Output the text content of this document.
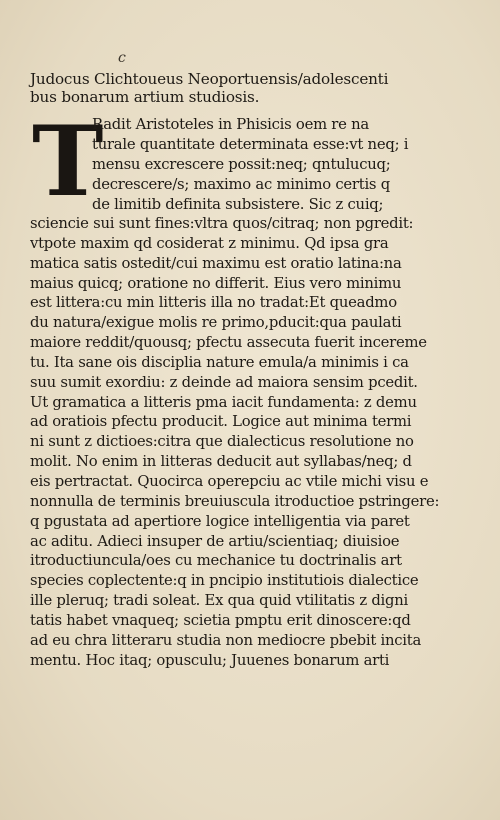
c
Judocus Clichtoueus Neoportuensis/adolescenti
bus bonarum artium studiosis.
T
Radit Aristoteles in Phisicis oem re na
turale quantitate determinata esse:vt neq; i
mensu excrescere possit:neq; qntulucuq;
decrescere/s; maximo ac minimo certis q
de limitib definita subsistere. Sic z cuiq;
sciencie sui sunt fines:vltra quos/citraq; non pgredit:
vtpote maxim qd cosiderat z minimu. Qd ipsa gra
matica satis ostedit/cui maximu est oratio latina:na
maius quicq; oratione no differit. Eius vero minimu
est littera:cu min litteris illa no tradat:Et queadmo
du natura/exigue molis re primo,pducit:qua paulati
maiore reddit/quousq; pfectu assecuta fuerit incereme
tu. Ita sane ois disciplia nature emula/a minimis i ca
suu sumit exordiu: z deinde ad maiora sensim pcedit.
Ut gramatica a litteris pma iacit fundamenta: z demu
ad oratiois pfectu producit. Logice aut minima termi
ni sunt z dictioes:citra que dialecticus resolutione no
molit. No enim in litteras deducit aut syllabas/neq; d
eis pertractat. Quocirca operepciu ac vtile michi visu e
nonnulla de terminis breuiuscula itroductioe pstringere:
q pgustata ad apertiore logice intelligentia via paret
ac aditu. Adieci insuper de artiu/scientiaq; diuisioe
itroductiuncula/oes cu mechanice tu doctrinalis art
species coplectente:q in pncipio institutiois dialectice
ille pleruq; tradi soleat. Ex qua quid vtilitatis z digni
tatis habet vnaqueq; scietia pmptu erit dinoscere:qd
ad eu chra litteraru studia non mediocre pbebit incita
mentu. Hoc itaq; opusculu; Juuenes bonarum arti
